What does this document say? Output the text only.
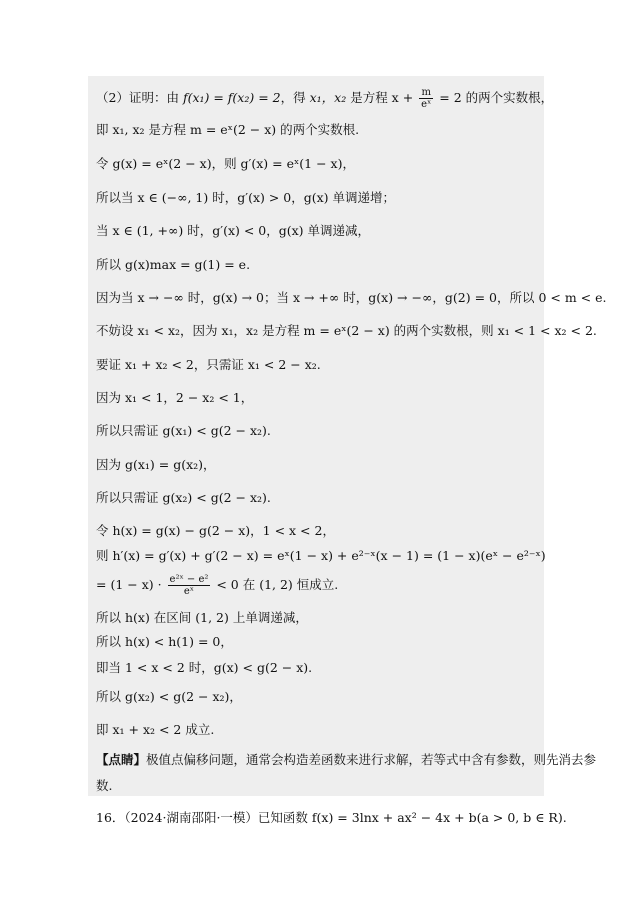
（2）证明：由 f(x₁) = f(x₂) = 2，得 x₁，x₂ 是方程 $x + \frac{m}{\text{eˣ}} = 2$ 的两个实数根，
即 x₁, x₂ 是方程 m = eˣ(2 − x) 的两个实数根.
令 g(x) = eˣ(2 − x)，则 g′(x) = eˣ(1 − x)，
所以当 x ∈ (−∞, 1) 时，g′(x) > 0，g(x) 单调递增；
当 x ∈ (1, +∞) 时，g′(x) < 0，g(x) 单调递减，
所以 g(x)max = g(1) = e.
因为当 x → −∞ 时，g(x) → 0；当 x → +∞ 时，g(x) → −∞，g(2) = 0，所以 0 < m < e.
不妨设 x₁ < x₂，因为 x₁，x₂ 是方程 m = eˣ(2 − x) 的两个实数根，则 x₁ < 1 < x₂ < 2.
要证 x₁ + x₂ < 2，只需证 x₁ < 2 − x₂.
因为 x₁ < 1，2 − x₂ < 1，
所以只需证 g(x₁) < g(2 − x₂).
因为 g(x₁) = g(x₂)，
所以只需证 g(x₂) < g(2 − x₂).
令 h(x) = g(x) − g(2 − x)，1 < x < 2，
则 h′(x) = g′(x) + g′(2 − x) = eˣ(1 − x) + e²⁻ˣ(x − 1) = (1 − x)(eˣ − e²⁻ˣ)
= $(1 - x) \cdot \frac{\text{e²ˣ − e²}}{\text{eˣ}} < 0$ 在 (1, 2) 恒成立.
所以 h(x) 在区间 (1, 2) 上单调递减，
所以 h(x) < h(1) = 0，
即当 1 < x < 2 时，g(x) < g(2 − x).
所以 g(x₂) < g(2 − x₂)，
即 x₁ + x₂ < 2 成立.
【点睛】极值点偏移问题，通常会构造差函数来进行求解，若等式中含有参数，则先消去参
数.
16．（2024·湖南邵阳·一模）已知函数 f(x) = 3lnx + ax² − 4x + b(a > 0, b ∈ R).
